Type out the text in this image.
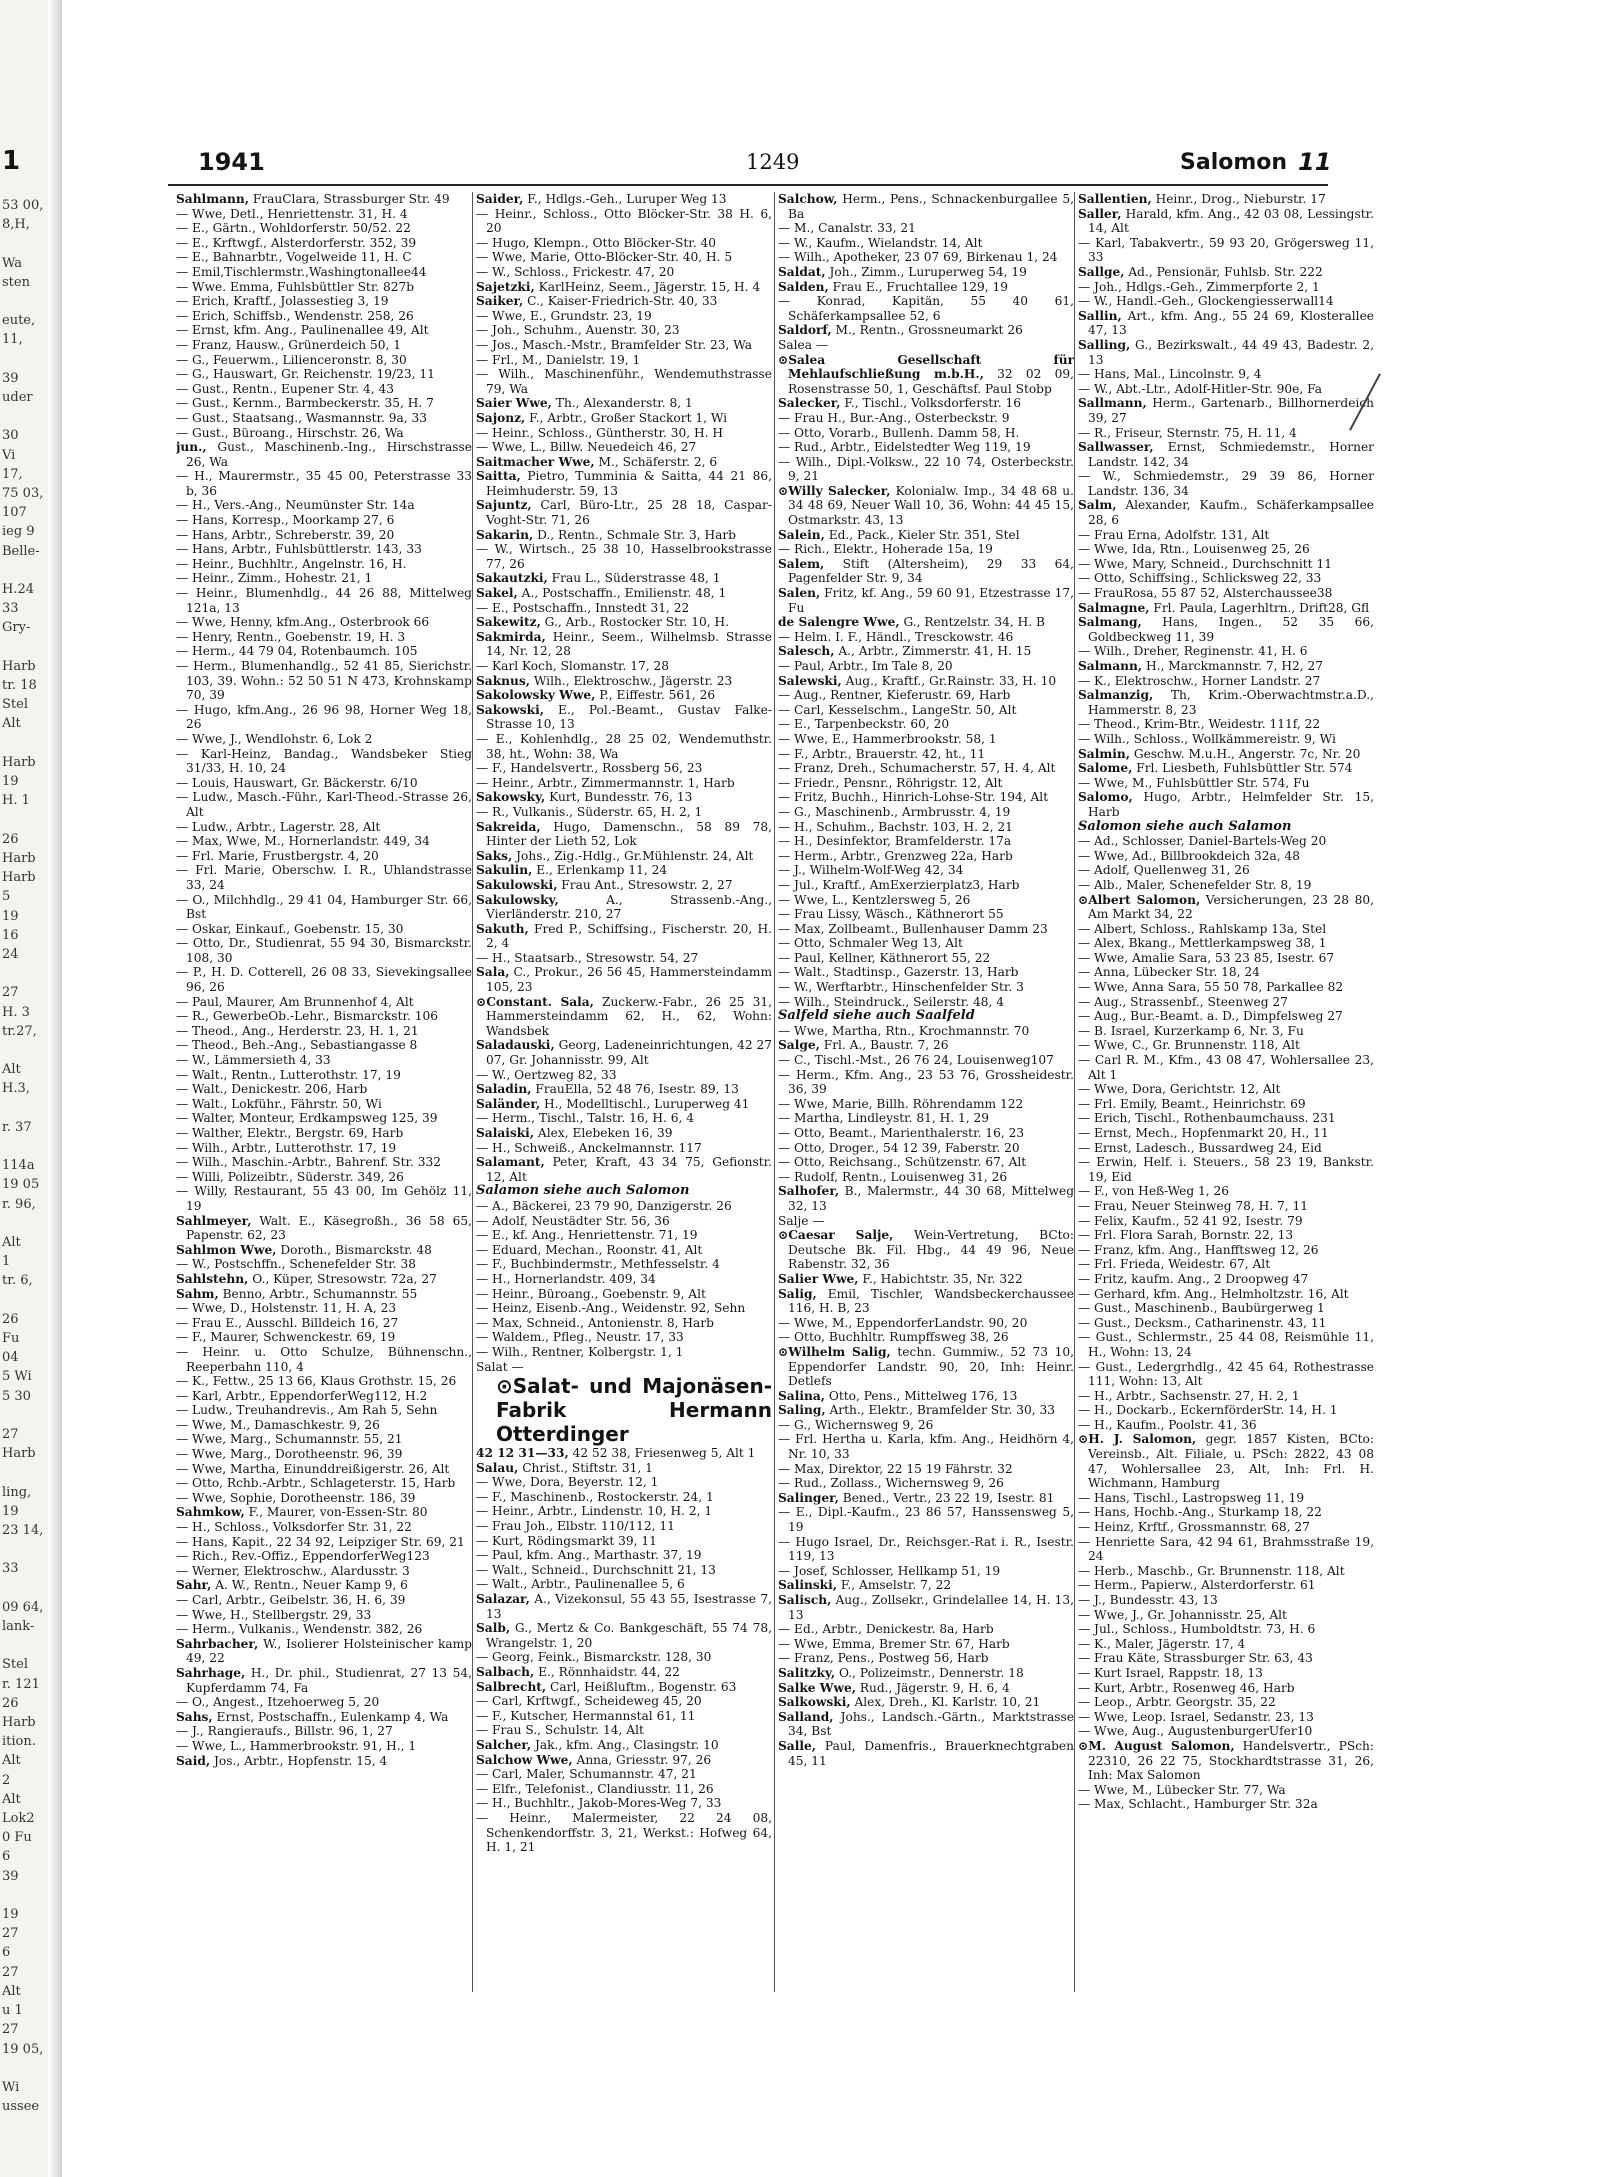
1
53 00,
8,H,

Wa
sten

eute,
11,

39
uder

30
Vi
17,
75 03,
107
ieg 9
Belle-

H.24
33
Gry-

Harb
tr. 18
Stel
Alt

Harb
19
H. 1

26
Harb
Harb
5
19
16
24

27
H. 3
tr.27,

Alt
H.3,

r. 37

114a
19 05
r. 96,

Alt
1
tr. 6,

26
Fu
04
5 Wi
5 30

27
Harb

ling,
19
23 14,

33

09 64,
lank-

Stel
r. 121
26
Harb
ition.
Alt
2
Alt
Lok2
0 Fu
6
39

19
27
6
27
Alt
u 1
27
19 05,

Wi
ussee
1941	1249	Salomon 11

Sahlmann, FrauClara, Strassburger Str. 49

— Wwe, Detl., Henriettenstr. 31, H. 4

— E., Gärtn., Wohldorferstr. 50/52. 22

— E., Krftwgf., Alsterdorferstr. 352, 39

— E., Bahnarbtr., Vogelweide 11, H. C

— Emil,Tischlermstr.,Washingtonallee44

— Wwe. Emma, Fuhlsbüttler Str. 827b

— Erich, Kraftf., Jolassestieg 3, 19

— Erich, Schiffsb., Wendenstr. 258, 26

— Ernst, kfm. Ang., Paulinenallee 49, Alt

— Franz, Hausw., Grünerdeich 50, 1

— G., Feuerwm., Lilienceronstr. 8, 30

— G., Hauswart, Gr. Reichenstr. 19/23, 11

— Gust., Rentn., Eupener Str. 4, 43

— Gust., Kernm., Barmbeckerstr. 35, H. 7

— Gust., Staatsang., Wasmannstr. 9a, 33

— Gust., Büroang., Hirschstr. 26, Wa

jun., Gust., Maschinenb.-Ing., Hirschstrasse 26, Wa

— H., Maurermstr., 35 45 00, Peterstrasse 33 b, 36

— H., Vers.-Ang., Neumünster Str. 14a

— Hans, Korresp., Moorkamp 27, 6

— Hans, Arbtr., Schreberstr. 39, 20

— Hans, Arbtr., Fuhlsbüttlerstr. 143, 33

— Heinr., Buchhltr., Angelnstr. 16, H.

— Heinr., Zimm., Hohestr. 21, 1

— Heinr., Blumenhdlg., 44 26 88, Mittelweg 121a, 13

— Wwe, Henny, kfm.Ang., Osterbrook 66

— Henry, Rentn., Goebenstr. 19, H. 3

— Herm., 44 79 04, Rotenbaumch. 105

— Herm., Blumenhandlg., 52 41 85, Sierichstr. 103, 39. Wohn.: 52 50 51 N 473, Krohnskamp 70, 39

— Hugo, kfm.Ang., 26 96 98, Horner Weg 18, 26

— Wwe, J., Wendlohstr. 6, Lok 2

— Karl-Heinz, Bandag., Wandsbeker Stieg 31/33, H. 10, 24

— Louis, Hauswart, Gr. Bäckerstr. 6/10

— Ludw., Masch.-Führ., Karl-Theod.-Strasse 26, Alt

— Ludw., Arbtr., Lagerstr. 28, Alt

— Max, Wwe, M., Hornerlandstr. 449, 34

— Frl. Marie, Frustbergstr. 4, 20

— Frl. Marie, Oberschw. I. R., Uhlandstrasse 33, 24

— O., Milchhdlg., 29 41 04, Hamburger Str. 66, Bst

— Oskar, Einkauf., Goebenstr. 15, 30

— Otto, Dr., Studienrat, 55 94 30, Bismarckstr. 108, 30

— P., H. D. Cotterell, 26 08 33, Sievekingsallee 96, 26

— Paul, Maurer, Am Brunnenhof 4, Alt

— R., GewerbeOb.-Lehr., Bismarckstr. 106

— Theod., Ang., Herderstr. 23, H. 1, 21

— Theod., Beh.-Ang., Sebastiangasse 8

— W., Lämmersieth 4, 33

— Walt., Rentn., Lutterothstr. 17, 19

— Walt., Denickestr. 206, Harb

— Walt., Lokführ., Fährstr. 50, Wi

— Walter, Monteur, Erdkampsweg 125, 39

— Walther, Elektr., Bergstr. 69, Harb

— Wilh., Arbtr., Lutterothstr. 17, 19

— Wilh., Maschin.-Arbtr., Bahrenf. Str. 332

— Willi, Polizeibtr., Süderstr. 349, 26

— Willy, Restaurant, 55 43 00, Im Gehölz 11, 19

Sahlmeyer, Walt. E., Käsegroßh., 36 58 65, Papenstr. 62, 23

Sahlmon Wwe, Doroth., Bismarckstr. 48

— W., Postschffn., Schenefelder Str. 38

Sahlstehn, O., Küper, Stresowstr. 72a, 27

Sahm, Benno, Arbtr., Schumannstr. 55

— Wwe, D., Holstenstr. 11, H. A, 23

— Frau E., Ausschl. Billdeich 16, 27

— F., Maurer, Schwenckestr. 69, 19

— Heinr. u. Otto Schulze, Bühnenschn., Reeperbahn 110, 4

— K., Fettw., 25 13 66, Klaus Grothstr. 15, 26

— Karl, Arbtr., EppendorferWeg112, H.2

— Ludw., Treuhandrevis., Am Rah 5, Sehn

— Wwe, M., Damaschkestr. 9, 26

— Wwe, Marg., Schumannstr. 55, 21

— Wwe, Marg., Dorotheenstr. 96, 39

— Wwe, Martha, Einunddreißigerstr. 26, Alt

— Otto, Rchb.-Arbtr., Schlageterstr. 15, Harb

— Wwe, Sophie, Dorotheenstr. 186, 39

Sahmkow, F., Maurer, von-Essen-Str. 80

— H., Schloss., Volksdorfer Str. 31, 22

— Hans, Kapit., 22 34 92, Leipziger Str. 69, 21

— Rich., Rev.-Offiz., EppendorferWeg123

— Werner, Elektroschw., Alardusstr. 3

Sahr, A. W., Rentn., Neuer Kamp 9, 6

— Carl, Arbtr., Geibelstr. 36, H. 6, 39

— Wwe, H., Stellbergstr. 29, 33

— Herm., Vulkanis., Wendenstr. 382, 26

Sahrbacher, W., Isolierer Holsteinischer kamp 49, 22

Sahrhage, H., Dr. phil., Studienrat, 27 13 54, Kupferdamm 74, Fa

— O., Angest., Itzehoerweg 5, 20

Sahs, Ernst, Postschaffn., Eulenkamp 4, Wa

— J., Rangieraufs., Billstr. 96, 1, 27

— Wwe, L., Hammerbrookstr. 91, H., 1

Said, Jos., Arbtr., Hopfenstr. 15, 4

Saider, F., Hdlgs.-Geh., Luruper Weg 13

— Heinr., Schloss., Otto Blöcker-Str. 38 H. 6, 20

— Hugo, Klempn., Otto Blöcker-Str. 40

— Wwe, Marie, Otto-Blöcker-Str. 40, H. 5

— W., Schloss., Frickestr. 47, 20

Sajetzki, KarlHeinz, Seem., Jägerstr. 15, H. 4

Saiker, C., Kaiser-Friedrich-Str. 40, 33

— Wwe, E., Grundstr. 23, 19

— Joh., Schuhm., Auenstr. 30, 23

— Jos., Masch.-Mstr., Bramfelder Str. 23, Wa

— Frl., M., Danielstr. 19, 1

— Wilh., Maschinenführ., Wendemuthstrasse 79, Wa

Saier Wwe, Th., Alexanderstr. 8, 1

Sajonz, F., Arbtr., Großer Stackort 1, Wi

— Heinr., Schloss., Güntherstr. 30, H. H

— Wwe, L., Billw. Neuedeich 46, 27

Saitmacher Wwe, M., Schäferstr. 2, 6

Saitta, Pietro, Tumminia & Saitta, 44 21 86, Heimhuderstr. 59, 13

Sajuntz, Carl, Büro-Ltr., 25 28 18, Caspar-Voght-Str. 71, 26

Sakarin, D., Rentn., Schmale Str. 3, Harb

— W., Wirtsch., 25 38 10, Hasselbrookstrasse 77, 26

Sakautzki, Frau L., Süderstrasse 48, 1

Sakel, A., Postschaffn., Emilienstr. 48, 1

— E., Postschaffn., Innstedt 31, 22

Sakewitz, G., Arb., Rostocker Str. 10, H.

Sakmirda, Heinr., Seem., Wilhelmsb. Strasse 14, Nr. 12, 28

— Karl Koch, Slomanstr. 17, 28

Saknus, Wilh., Elektroschw., Jägerstr. 23

Sakolowsky Wwe, P., Eiffestr. 561, 26

Sakowski, E., Pol.-Beamt., Gustav Falke-Strasse 10, 13

— E., Kohlenhdlg., 28 25 02, Wendemuthstr. 38, ht., Wohn: 38, Wa

— F., Handelsvertr., Rossberg 56, 23

— Heinr., Arbtr., Zimmermannstr. 1, Harb

Sakowsky, Kurt, Bundesstr. 76, 13

— R., Vulkanis., Süderstr. 65, H. 2, 1

Sakreida, Hugo, Damenschn., 58 89 78, Hinter der Lieth 52, Lok

Saks, Johs., Zig.-Hdlg., Gr.Mühlenstr. 24, Alt

Sakulin, E., Erlenkamp 11, 24

Sakulowski, Frau Ant., Stresowstr. 2, 27

Sakulowsky, A., Strassenb.-Ang., Vierländerstr. 210, 27

Sakuth, Fred P., Schiffsing., Fischerstr. 20, H. 2, 4

— H., Staatsarb., Stresowstr. 54, 27

Sala, C., Prokur., 26 56 45, Hammersteindamm 105, 23

⊙ Constant. Sala, Zuckerw.-Fabr., 26 25 31, Hammersteindamm 62, H., 62, Wohn: Wandsbek

Saladauski, Georg, Ladeneinrichtungen, 42 27 07, Gr. Johannisstr. 99, Alt

— W., Oertzweg 82, 33

Saladin, FrauElla, 52 48 76, Isestr. 89, 13

Saländer, H., Modelltischl., Luruperweg 41

— Herm., Tischl., Talstr. 16, H. 6, 4

Salaiski, Alex, Elebeken 16, 39

— H., Schweiß., Anckelmannstr. 117

Salamant, Peter, Kraft, 43 34 75, Gefionstr. 12, Alt

Salamon siehe auch Salomon

— A., Bäckerei, 23 79 90, Danzigerstr. 26

— Adolf, Neustädter Str. 56, 36

— E., kf. Ang., Henriettenstr. 71, 19

— Eduard, Mechan., Roonstr. 41, Alt

— F., Buchbindermstr., Methfesselstr. 4

— H., Hornerlandstr. 409, 34

— Heinr., Büroang., Goebenstr. 9, Alt

— Heinz, Eisenb.-Ang., Weidenstr. 92, Sehn

— Max, Schneid., Antonienstr. 8, Harb

— Waldem., Pfleg., Neustr. 17, 33

— Wilh., Rentner, Kolbergstr. 1, 1

Salat —

⊙ Salat- und Majonäsen-Fabrik Hermann Otterdinger

42 12 31—33, 42 52 38, Friesenweg 5, Alt 1

Salau, Christ., Stiftstr. 31, 1

— Wwe, Dora, Beyerstr. 12, 1

— F., Maschinenb., Rostockerstr. 24, 1

— Heinr., Arbtr., Lindenstr. 10, H. 2, 1

— Frau Joh., Elbstr. 110/112, 11

— Kurt, Rödingsmarkt 39, 11

— Paul, kfm. Ang., Marthastr. 37, 19

— Walt., Schneid., Durchschnitt 21, 13

— Walt., Arbtr., Paulinenallee 5, 6

Salazar, A., Vizekonsul, 55 43 55, Isestrasse 7, 13

Salb, G., Mertz & Co. Bankgeschäft, 55 74 78, Wrangelstr. 1, 20

— Georg, Feink., Bismarckstr. 128, 30

Salbach, E., Rönnhaidstr. 44, 22

Salbrecht, Carl, Heißluftm., Bogenstr. 63

— Carl, Krftwgf., Scheideweg 45, 20

— F., Kutscher, Hermannstal 61, 11

— Frau S., Schulstr. 14, Alt

Salcher, Jak., kfm. Ang., Clasingstr. 10

Salchow Wwe, Anna, Griesstr. 97, 26

— Carl, Maler, Schumannstr. 47, 21

— Elfr., Telefonist., Clandiusstr. 11, 26

— H., Buchhltr., Jakob-Mores-Weg 7, 33

— Heinr., Malermeister, 22 24 08, Schenkendorffstr. 3, 21, Werkst.: Hofweg 64, H. 1, 21

Salchow, Herm., Pens., Schnackenburgallee 5, Ba

— M., Canalstr. 33, 21

— W., Kaufm., Wielandstr. 14, Alt

— Wilh., Apotheker, 23 07 69, Birkenau 1, 24

Saldat, Joh., Zimm., Luruperweg 54, 19

Salden, Frau E., Fruchtallee 129, 19

— Konrad, Kapitän, 55 40 61, Schäferkampsallee 52, 6

Saldorf, M., Rentn., Grossneumarkt 26

Salea —

⊙ Salea Gesellschaft für Mehlaufschließung m.b.H., 32 02 09, Rosenstrasse 50, 1, Geschäftsf. Paul Stobp

Salecker, F., Tischl., Volksdorferstr. 16

— Frau H., Bur.-Ang., Osterbeckstr. 9

— Otto, Vorarb., Bullenh. Damm 58, H.

— Rud., Arbtr., Eidelstedter Weg 119, 19

— Wilh., Dipl.-Volksw., 22 10 74, Osterbeckstr. 9, 21

⊙ Willy Salecker, Kolonialw. Imp., 34 48 68 u. 34 48 69, Neuer Wall 10, 36, Wohn: 44 45 15, Ostmarkstr. 43, 13

Salein, Ed., Pack., Kieler Str. 351, Stel

— Rich., Elektr., Hoherade 15a, 19

Salem, Stift (Altersheim), 29 33 64, Pagenfelder Str. 9, 34

Salen, Fritz, kf. Ang., 59 60 91, Etzestrasse 17, Fu

de Salengre Wwe, G., Rentzelstr. 34, H. B

— Helm. I. F., Händl., Tresckowstr. 46

Salesch, A., Arbtr., Zimmerstr. 41, H. 15

— Paul, Arbtr., Im Tale 8, 20

Salewski, Aug., Kraftf., Gr.Rainstr. 33, H. 10

— Aug., Rentner, Kieferustr. 69, Harb

— Carl, Kesselschm., LangeStr. 50, Alt

— E., Tarpenbeckstr. 60, 20

— Wwe, E., Hammerbrookstr. 58, 1

— F., Arbtr., Brauerstr. 42, ht., 11

— Franz, Dreh., Schumacherstr. 57, H. 4, Alt

— Friedr., Pensnr., Röhrigstr. 12, Alt

— Fritz, Buchh., Hinrich-Lohse-Str. 194, Alt

— G., Maschinenb., Armbrusstr. 4, 19

— H., Schuhm., Bachstr. 103, H. 2, 21

— H., Desinfektor, Bramfelderstr. 17a

— Herm., Arbtr., Grenzweg 22a, Harb

— J., Wilhelm-Wolf-Weg 42, 34

— Jul., Kraftf., AmExerzierplatz3, Harb

— Wwe, L., Kentzlersweg 5, 26

— Frau Lissy, Wäsch., Käthnerort 55

— Max, Zollbeamt., Bullenhauser Damm 23

— Otto, Schmaler Weg 13, Alt

— Paul, Kellner, Käthnerort 55, 22

— Walt., Stadtinsp., Gazerstr. 13, Harb

— W., Werftarbtr., Hinschenfelder Str. 3

— Wilh., Steindruck., Seilerstr. 48, 4

Salfeld siehe auch Saalfeld

— Wwe, Martha, Rtn., Krochmannstr. 70

Salge, Frl. A., Baustr. 7, 26

— C., Tischl.-Mst., 26 76 24, Louisenweg107

— Herm., Kfm. Ang., 23 53 76, Grossheidestr. 36, 39

— Wwe, Marie, Billh. Röhrendamm 122

— Martha, Lindleystr. 81, H. 1, 29

— Otto, Beamt., Marienthalerstr. 16, 23

— Otto, Droger., 54 12 39, Faberstr. 20

— Otto, Reichsang., Schützenstr. 67, Alt

— Rudolf, Rentn., Louisenweg 31, 26

Salhofer, B., Malermstr., 44 30 68, Mittelweg 32, 13

Salje —

⊙ Caesar Salje, Wein-Vertretung, BCto: Deutsche Bk. Fil. Hbg., 44 49 96, Neue Rabenstr. 32, 36

Salier Wwe, F., Habichtstr. 35, Nr. 322

Salig, Emil, Tischler, Wandsbeckerchaussee 116, H. B, 23

— Wwe, M., EppendorferLandstr. 90, 20

— Otto, Buchhltr. Rumpffsweg 38, 26

⊙ Wilhelm Salig, techn. Gummiw., 52 73 10, Eppendorfer Landstr. 90, 20, Inh: Heinr. Detlefs

Salina, Otto, Pens., Mittelweg 176, 13

Saling, Arth., Elektr., Bramfelder Str. 30, 33

— G., Wichernsweg 9, 26

— Frl. Hertha u. Karla, kfm. Ang., Heidhörn 4, Nr. 10, 33

— Max, Direktor, 22 15 19 Fährstr. 32

— Rud., Zollass., Wichernsweg 9, 26

Salinger, Bened., Vertr., 23 22 19, Isestr. 81

— E., Dipl.-Kaufm., 23 86 57, Hanssensweg 5, 19

— Hugo Israel, Dr., Reichsger.-Rat i. R., Isestr. 119, 13

— Josef, Schlosser, Hellkamp 51, 19

Salinski, F., Amselstr. 7, 22

Salisch, Aug., Zollsekr., Grindelallee 14, H. 13, 13

— Ed., Arbtr., Denickestr. 8a, Harb

— Wwe, Emma, Bremer Str. 67, Harb

— Franz, Pens., Postweg 56, Harb

Salitzky, O., Polizeimstr., Dennerstr. 18

Salke Wwe, Rud., Jägerstr. 9, H. 6, 4

Salkowski, Alex, Dreh., Kl. Karlstr. 10, 21

Salland, Johs., Landsch.-Gärtn., Marktstrasse 34, Bst

Salle, Paul, Damenfris., Brauerknechtgraben 45, 11

Sallentien, Heinr., Drog., Nieburstr. 17

Saller, Harald, kfm. Ang., 42 03 08, Lessingstr. 14, Alt

— Karl, Tabakvertr., 59 93 20, Grögersweg 11, 33

Sallge, Ad., Pensionär, Fuhlsb. Str. 222

— Joh., Hdlgs.-Geh., Zimmerpforte 2, 1

— W., Handl.-Geh., Glockengiesserwall14

Sallin, Art., kfm. Ang., 55 24 69, Klosterallee 47, 13

Salling, G., Bezirkswalt., 44 49 43, Badestr. 2, 13

— Hans, Mal., Lincolnstr. 9, 4

— W., Abt.-Ltr., Adolf-Hitler-Str. 90e, Fa

Sallmann, Herm., Gartenarb., Billhornerdeich 39, 27

— R., Friseur, Sternstr. 75, H. 11, 4

Sallwasser, Ernst, Schmiedemstr., Horner Landstr. 142, 34

— W., Schmiedemstr., 29 39 86, Horner Landstr. 136, 34

Salm, Alexander, Kaufm., Schäferkampsallee 28, 6

— Frau Erna, Adolfstr. 131, Alt

— Wwe, Ida, Rtn., Louisenweg 25, 26

— Wwe, Mary, Schneid., Durchschnitt 11

— Otto, Schiffsing., Schlicksweg 22, 33

— FrauRosa, 55 87 52, Alsterchaussee38

Salmagne, Frl. Paula, Lagerhltrn., Drift28, Gfl

Salmang, Hans, Ingen., 52 35 66, Goldbeckweg 11, 39

— Wilh., Dreher, Reginenstr. 41, H. 6

Salmann, H., Marckmannstr. 7, H2, 27

— K., Elektroschw., Horner Landstr. 27

Salmanzig, Th, Krim.-Oberwachtmstr.a.D., Hammerstr. 8, 23

— Theod., Krim-Btr., Weidestr. 111f, 22

— Wilh., Schloss., Wollkämmereistr. 9, Wi

Salmin, Geschw. M.u.H., Angerstr. 7c, Nr. 20

Salome, Frl. Liesbeth, Fuhlsbüttler Str. 574

— Wwe, M., Fuhlsbüttler Str. 574, Fu

Salomo, Hugo, Arbtr., Helmfelder Str. 15, Harb

Salomon siehe auch Salamon

— Ad., Schlosser, Daniel-Bartels-Weg 20

— Wwe, Ad., Billbrookdeich 32a, 48

— Adolf, Quellenweg 31, 26

— Alb., Maler, Schenefelder Str. 8, 19

⊙ Albert Salomon, Versicherungen, 23 28 80, Am Markt 34, 22

— Albert, Schloss., Rahlskamp 13a, Stel

— Alex, Bkang., Mettlerkampsweg 38, 1

— Wwe, Amalie Sara, 53 23 85, Isestr. 67

— Anna, Lübecker Str. 18, 24

— Wwe, Anna Sara, 55 50 78, Parkallee 82

— Aug., Strassenbf., Steenweg 27

— Aug., Bur.-Beamt. a. D., Dimpfelsweg 27

— B. Israel, Kurzerkamp 6, Nr. 3, Fu

— Wwe, C., Gr. Brunnenstr. 118, Alt

— Carl R. M., Kfm., 43 08 47, Wohlersallee 23, Alt 1

— Wwe, Dora, Gerichtstr. 12, Alt

— Frl. Emily, Beamt., Heinrichstr. 69

— Erich, Tischl., Rothenbaumchauss. 231

— Ernst, Mech., Hopfenmarkt 20, H., 11

— Ernst, Ladesch., Bussardweg 24, Eid

— Erwin, Helf. i. Steuers., 58 23 19, Bankstr. 19, Eid

— F., von Heß-Weg 1, 26

— Frau, Neuer Steinweg 78, H. 7, 11

— Felix, Kaufm., 52 41 92, Isestr. 79

— Frl. Flora Sarah, Bornstr. 22, 13

— Franz, kfm. Ang., Hanfftsweg 12, 26

— Frl. Frieda, Weidestr. 67, Alt

— Fritz, kaufm. Ang., 2 Droopweg 47

— Gerhard, kfm. Ang., Helmholtzstr. 16, Alt

— Gust., Maschinenb., Baubürgerweg 1

— Gust., Decksm., Catharinenstr. 43, 11

— Gust., Schlermstr., 25 44 08, Reismühle 11, H., Wohn: 13, 24

— Gust., Ledergrhdlg., 42 45 64, Rothestrasse 111, Wohn: 13, Alt

— H., Arbtr., Sachsenstr. 27, H. 2, 1

— H., Dockarb., EckernförderStr. 14, H. 1

— H., Kaufm., Poolstr. 41, 36

⊙ H. J. Salomon, gegr. 1857 Kisten, BCto: Vereinsb., Alt. Filiale, u. PSch: 2822, 43 08 47, Wohlersallee 23, Alt, Inh: Frl. H. Wichmann, Hamburg

— Hans, Tischl., Lastropsweg 11, 19

— Hans, Hochb.-Ang., Sturkamp 18, 22

— Heinz, Krftf., Grossmannstr. 68, 27

— Henriette Sara, 42 94 61, Brahmsstraße 19, 24

— Herb., Maschb., Gr. Brunnenstr. 118, Alt

— Herm., Papierw., Alsterdorferstr. 61

— J., Bundesstr. 43, 13

— Wwe, J., Gr. Johannisstr. 25, Alt

— Jul., Schloss., Humboldtstr. 73, H. 6

— K., Maler, Jägerstr. 17, 4

— Frau Käte, Strassburger Str. 63, 43

— Kurt Israel, Rappstr. 18, 13

— Kurt, Arbtr., Rosenweg 46, Harb

— Leop., Arbtr. Georgstr. 35, 22

— Wwe, Leop. Israel, Sedanstr. 23, 13

— Wwe, Aug., AugustenburgerUfer10

⊙ M. August Salomon, Handelsvertr., PSch: 22310, 26 22 75, Stockhardtstrasse 31, 26, Inh: Max Salomon

— Wwe, M., Lübecker Str. 77, Wa

— Max, Schlacht., Hamburger Str. 32a
